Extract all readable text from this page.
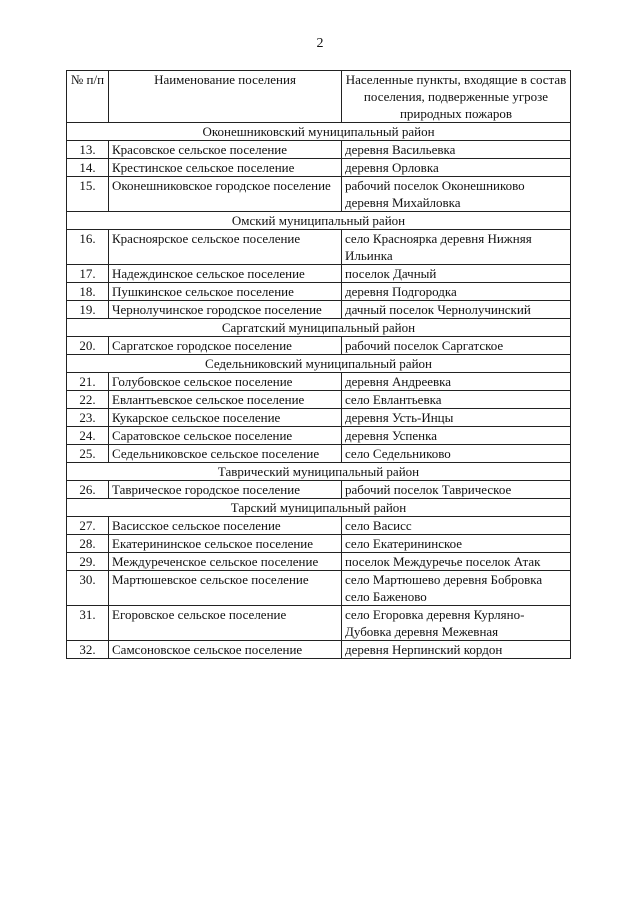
2
№ п/п	Наименование поселения	Населенные пункты, входящие в состав поселения, подверженные угрозе природных пожаров
Оконешниковский муниципальный район		
13.	Красовское сельское поселение	деревня Васильевка
14.	Крестинское сельское поселение	деревня Орловка
15.	Оконешниковское городское поселение	рабочий поселок Оконешниково деревня Михайловка
Омский муниципальный район		
16.	Красноярское сельское поселение	село Красноярка деревня Нижняя Ильинка
17.	Надеждинское сельское поселение	поселок Дачный
18.	Пушкинское сельское поселение	деревня Подгородка
19.	Чернолучинское городское поселение	дачный поселок Чернолучинский
Саргатский муниципальный район		
20.	Саргатское городское поселение	рабочий поселок Саргатское
Седельниковский муниципальный район		
21.	Голубовское сельское поселение	деревня Андреевка
22.	Евлантьевское сельское поселение	село Евлантьевка
23.	Кукарское сельское поселение	деревня Усть-Инцы
24.	Саратовское сельское поселение	деревня Успенка
25.	Седельниковское сельское поселение	село Седельниково
Таврический муниципальный район		
26.	Таврическое городское поселение	рабочий поселок Таврическое
Тарский муниципальный район		
27.	Васисское сельское поселение	село Васисс
28.	Екатерининское сельское поселение	село Екатерининское
29.	Междуреченское сельское поселение	поселок Междуречье поселок Атак
30.	Мартюшевское сельское поселение	село Мартюшево деревня Бобровка село Баженово
31.	Егоровское сельское поселение	село Егоровка деревня Курляно-Дубовка деревня Межевная
32.	Самсоновское сельское поселение	деревня Нерпинский кордон
